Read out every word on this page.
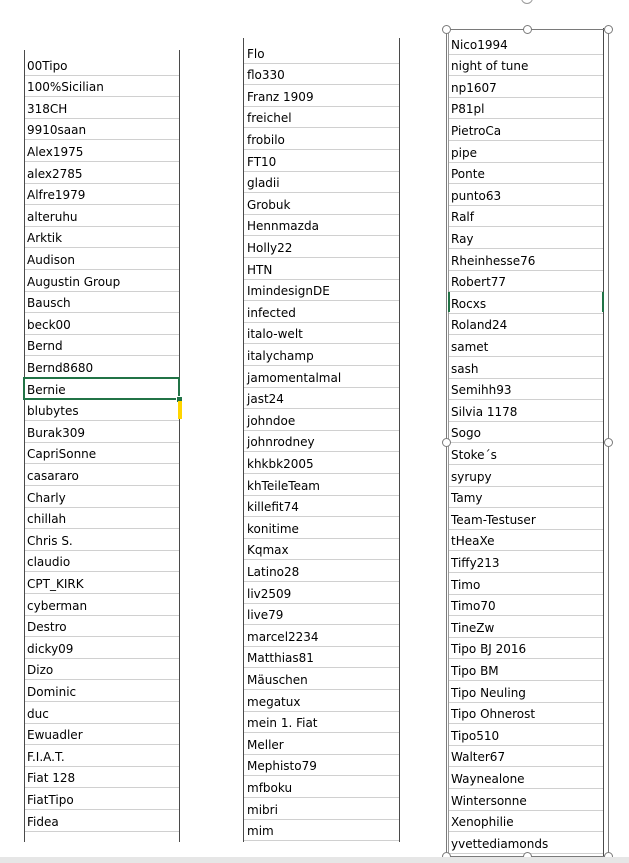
00Tipo
100%Sicilian
318CH
9910saan
Alex1975
alex2785
Alfre1979
alteruhu
Arktik
Audison
Augustin Group
Bausch
beck00
Bernd
Bernd8680
Bernie
blubytes
Burak309
CapriSonne
casararo
Charly
chillah
Chris S.
claudio
CPT_KIRK
cyberman
Destro
dicky09
Dizo
Dominic
duc
Ewuadler
F.I.A.T.
Fiat 128
FiatTipo
Fidea
Flo
flo330
Franz 1909
freichel
frobilo
FT10
gladii
Grobuk
Hennmazda
Holly22
HTN
ImindesignDE
infected
italo-welt
italychamp
jamomentalmal
jast24
johndoe
johnrodney
khkbk2005
khTeileTeam
killefit74
konitime
Kqmax
Latino28
liv2509
live79
marcel2234
Matthias81
Mäuschen
megatux
mein 1. Fiat
Meller
Mephisto79
mfboku
mibri
mim
Nico1994
night of tune
np1607
P81pl
PietroCa
pipe
Ponte
punto63
Ralf
Ray
Rheinhesse76
Robert77
Rocxs
Roland24
samet
sash
Semihh93
Silvia 1178
Sogo
Stoke´s
syrupy
Tamy
Team-Testuser
tHeaXe
Tiffy213
Timo
Timo70
TineZw
Tipo BJ 2016
Tipo BM
Tipo Neuling
Tipo Ohnerost
Tipo510
Walter67
Waynealone
Wintersonne
Xenophilie
yvettediamonds
